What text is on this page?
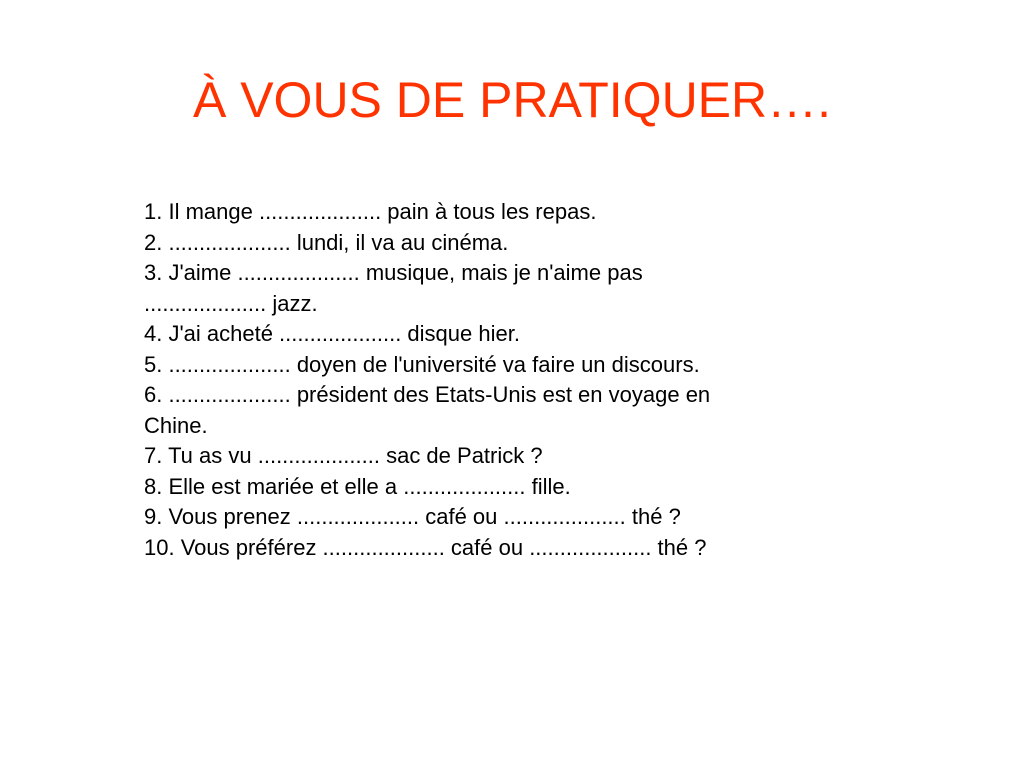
À VOUS DE PRATIQUER….
1. Il mange .................... pain à tous les repas.
2. .................... lundi, il va au cinéma.
3. J'aime .................... musique, mais je n'aime pas
.................... jazz.
4. J'ai acheté .................... disque hier.
5. .................... doyen de l'université va faire un discours.
6. .................... président des Etats-Unis est en voyage en
Chine.
7. Tu as vu .................... sac de Patrick ?
8. Elle est mariée et elle a .................... fille.
9. Vous prenez .................... café ou .................... thé ?
10. Vous préférez .................... café ou .................... thé ?
